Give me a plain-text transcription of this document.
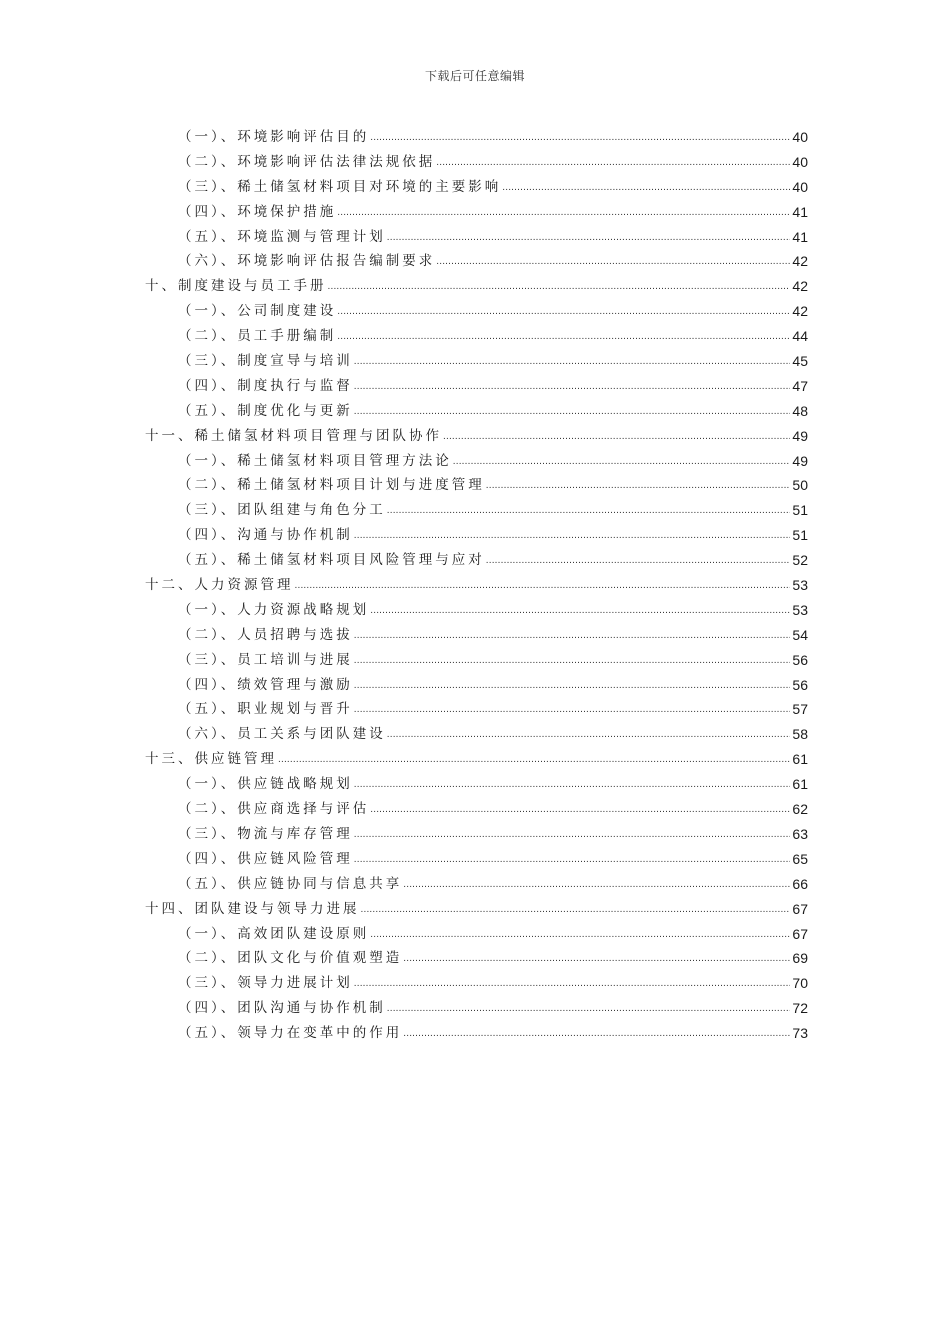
下载后可任意编辑
（一）、环境影响评估目的 .....	40
（二）、环境影响评估法律法规依据 .....	40
（三）、稀土储氢材料项目对环境的主要影响 .....	40
（四）、环境保护措施 .....	41
（五）、环境监测与管理计划 .....	41
（六）、环境影响评估报告编制要求 .....	42
十、制度建设与员工手册 .....	42
（一）、公司制度建设 .....	42
（二）、员工手册编制 .....	44
（三）、制度宣导与培训 .....	45
（四）、制度执行与监督 .....	47
（五）、制度优化与更新 .....	48
十一、稀土储氢材料项目管理与团队协作 .....	49
（一）、稀土储氢材料项目管理方法论 .....	49
（二）、稀土储氢材料项目计划与进度管理 .....	50
（三）、团队组建与角色分工 .....	51
（四）、沟通与协作机制 .....	51
（五）、稀土储氢材料项目风险管理与应对 .....	52
十二、人力资源管理 .....	53
（一）、人力资源战略规划 .....	53
（二）、人员招聘与选拔 .....	54
（三）、员工培训与进展 .....	56
（四）、绩效管理与激励 .....	56
（五）、职业规划与晋升 .....	57
（六）、员工关系与团队建设 .....	58
十三、供应链管理 .....	61
（一）、供应链战略规划 .....	61
（二）、供应商选择与评估 .....	62
（三）、物流与库存管理 .....	63
（四）、供应链风险管理 .....	65
（五）、供应链协同与信息共享 .....	66
十四、团队建设与领导力进展 .....	67
（一）、高效团队建设原则 .....	67
（二）、团队文化与价值观塑造 .....	69
（三）、领导力进展计划 .....	70
（四）、团队沟通与协作机制 .....	72
（五）、领导力在变革中的作用 .....	73
